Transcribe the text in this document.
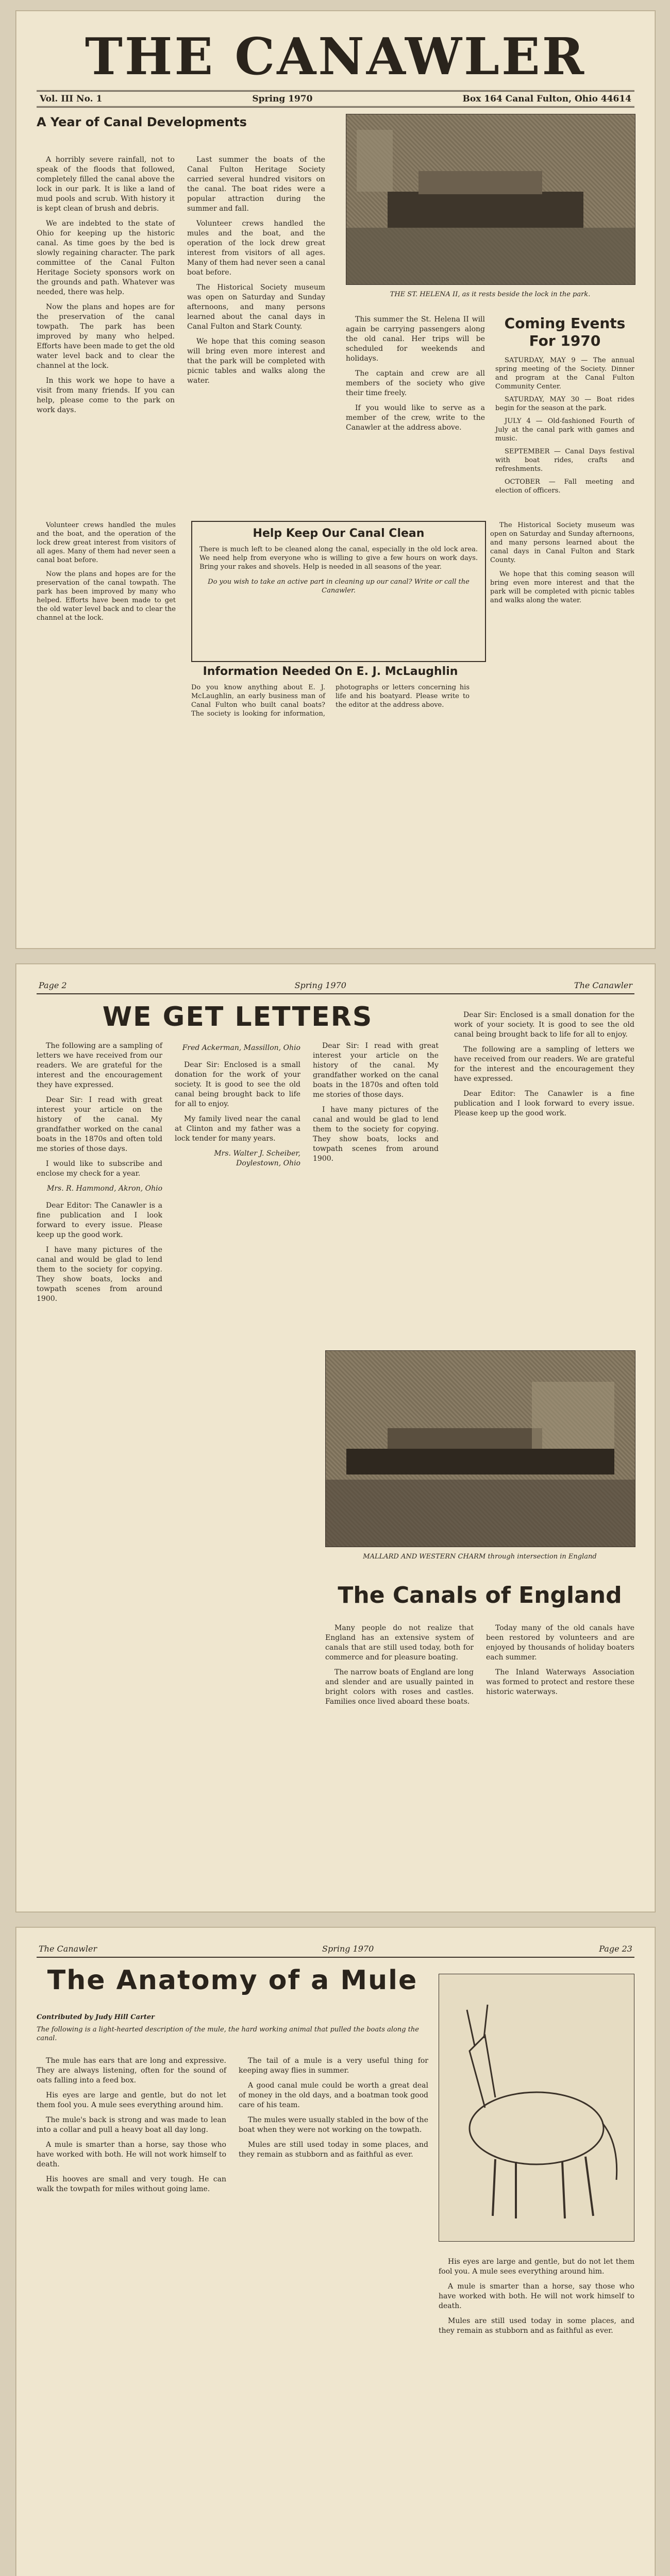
THE CANAWLER
Vol. III No. 1	Spring 1970	Box 164 Canal Fulton, Ohio 44614
A Year of Canal Developments

A horribly severe rainfall, not to speak of the floods that followed, completely filled the canal above the lock in our park. It is like a land of mud pools and scrub. With history it is kept clean of brush and debris.

We are indebted to the state of Ohio for keeping up the historic canal. As time goes by the bed is slowly regaining character. The park committee of the Canal Fulton Heritage Society sponsors work on the grounds and path. Whatever was needed, there was help.

Now the plans and hopes are for the preservation of the canal towpath. The park has been improved by many who helped. Efforts have been made to get the old water level back and to clear the channel at the lock.

In this work we hope to have a visit from many friends. If you can help, please come to the park on work days.

Last summer the boats of the Canal Fulton Heritage Society carried several hundred visitors on the canal. The boat rides were a popular attraction during the summer and fall.

Volunteer crews handled the mules and the boat, and the operation of the lock drew great interest from visitors of all ages. Many of them had never seen a canal boat before.

The Historical Society museum was open on Saturday and Sunday afternoons, and many persons learned about the canal days in Canal Fulton and Stark County.

We hope that this coming season will bring even more interest and that the park will be completed with picnic tables and walks along the water.

THE ST. HELENA II, as it rests beside the lock in the park.

This summer the St. Helena II will again be carrying passengers along the old canal. Her trips will be scheduled for weekends and holidays.

The captain and crew are all members of the society who give their time freely.

If you would like to serve as a member of the crew, write to the Canawler at the address above.

Coming Events For 1970

SATURDAY, MAY 9 — The annual spring meeting of the Society. Dinner and program at the Canal Fulton Community Center.

SATURDAY, MAY 30 — Boat rides begin for the season at the park.

JULY 4 — Old-fashioned Fourth of July at the canal park with games and music.

SEPTEMBER — Canal Days festival with boat rides, crafts and refreshments.

OCTOBER — Fall meeting and election of officers.

Help Keep Our Canal Clean
There is much left to be cleaned along the canal, especially in the old lock area. We need help from everyone who is willing to give a few hours on work days. Bring your rakes and shovels. Help is needed in all seasons of the year.
Do you wish to take an active part in cleaning up our canal? Write or call the Canawler.

Volunteer crews handled the mules and the boat, and the operation of the lock drew great interest from visitors of all ages. Many of them had never seen a canal boat before.

Now the plans and hopes are for the preservation of the canal towpath. The park has been improved by many who helped. Efforts have been made to get the old water level back and to clear the channel at the lock.

The Historical Society museum was open on Saturday and Sunday afternoons, and many persons learned about the canal days in Canal Fulton and Stark County.

We hope that this coming season will bring even more interest and that the park will be completed with picnic tables and walks along the water.

Information Needed On E. J. McLaughlin
Do you know anything about E. J. McLaughlin, an early business man of Canal Fulton who built canal boats? The society is looking for information, photographs or letters concerning his life and his boatyard. Please write to the editor at the address above.
Page 2	Spring 1970	The Canawler
WE GET LETTERS

The following are a sampling of letters we have received from our readers. We are grateful for the interest and the encouragement they have expressed.

Dear Sir: I read with great interest your article on the history of the canal. My grandfather worked on the canal boats in the 1870s and often told me stories of those days.

I would like to subscribe and enclose my check for a year.

Mrs. R. Hammond, Akron, Ohio

Dear Editor: The Canawler is a fine publication and I look forward to every issue. Please keep up the good work.

I have many pictures of the canal and would be glad to lend them to the society for copying. They show boats, locks and towpath scenes from around 1900.

Fred Ackerman, Massillon, Ohio

Dear Sir: Enclosed is a small donation for the work of your society. It is good to see the old canal being brought back to life for all to enjoy.

My family lived near the canal at Clinton and my father was a lock tender for many years.

Mrs. Walter J. Scheiber, Doylestown, Ohio

Dear Sir: I read with great interest your article on the history of the canal. My grandfather worked on the canal boats in the 1870s and often told me stories of those days.

I have many pictures of the canal and would be glad to lend them to the society for copying. They show boats, locks and towpath scenes from around 1900.

Dear Sir: Enclosed is a small donation for the work of your society. It is good to see the old canal being brought back to life for all to enjoy.

The following are a sampling of letters we have received from our readers. We are grateful for the interest and the encouragement they have expressed.

Dear Editor: The Canawler is a fine publication and I look forward to every issue. Please keep up the good work.

MALLARD AND WESTERN CHARM through intersection in England
The Canals of England

Many people do not realize that England has an extensive system of canals that are still used today, both for commerce and for pleasure boating.

The narrow boats of England are long and slender and are usually painted in bright colors with roses and castles. Families once lived aboard these boats.

Today many of the old canals have been restored by volunteers and are enjoyed by thousands of holiday boaters each summer.

The Inland Waterways Association was formed to protect and restore these historic waterways.

The Canawler	Spring 1970	Page 23
The Anatomy of a Mule
Contributed by Judy Hill Carter
The following is a light-hearted description of the mule, the hard working animal that pulled the boats along the canal.

The mule has ears that are long and expressive. They are always listening, often for the sound of oats falling into a feed box.

His eyes are large and gentle, but do not let them fool you. A mule sees everything around him.

The mule's back is strong and was made to lean into a collar and pull a heavy boat all day long.

A mule is smarter than a horse, say those who have worked with both. He will not work himself to death.

His hooves are small and very tough. He can walk the towpath for miles without going lame.

The tail of a mule is a very useful thing for keeping away flies in summer.

A good canal mule could be worth a great deal of money in the old days, and a boatman took good care of his team.

The mules were usually stabled in the bow of the boat when they were not working on the towpath.

Mules are still used today in some places, and they remain as stubborn and as faithful as ever.

His eyes are large and gentle, but do not let them fool you. A mule sees everything around him.

A mule is smarter than a horse, say those who have worked with both. He will not work himself to death.

Mules are still used today in some places, and they remain as stubborn and as faithful as ever.
